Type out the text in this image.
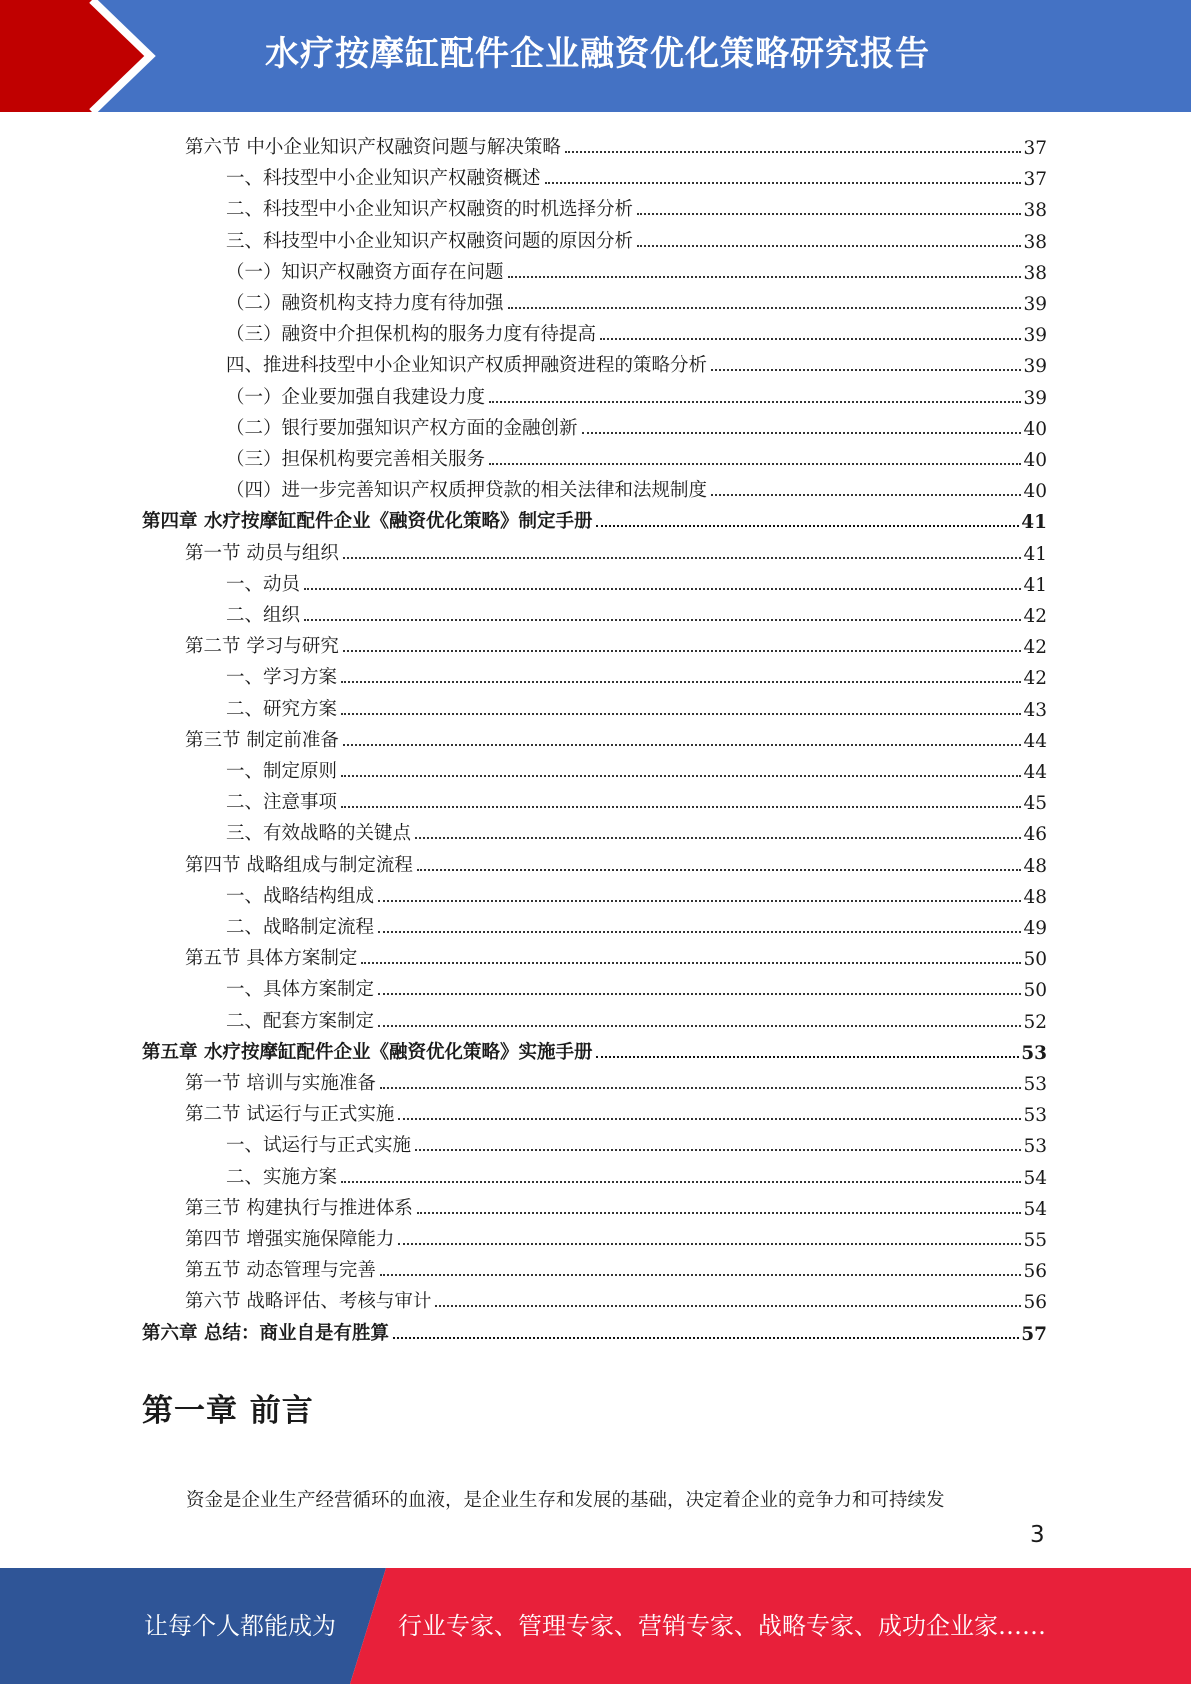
水疗按摩缸配件企业融资优化策略研究报告
第六节 中小企业知识产权融资问题与解决策略	37
一、科技型中小企业知识产权融资概述	37
二、科技型中小企业知识产权融资的时机选择分析	38
三、科技型中小企业知识产权融资问题的原因分析	38
（一）知识产权融资方面存在问题	38
（二）融资机构支持力度有待加强	39
（三）融资中介担保机构的服务力度有待提高	39
四、推进科技型中小企业知识产权质押融资进程的策略分析	39
（一）企业要加强自我建设力度	39
（二）银行要加强知识产权方面的金融创新	40
（三）担保机构要完善相关服务	40
（四）进一步完善知识产权质押贷款的相关法律和法规制度	40
第四章 水疗按摩缸配件企业《融资优化策略》制定手册	41
第一节 动员与组织	41
一、动员	41
二、组织	42
第二节 学习与研究	42
一、学习方案	42
二、研究方案	43
第三节 制定前准备	44
一、制定原则	44
二、注意事项	45
三、有效战略的关键点	46
第四节 战略组成与制定流程	48
一、战略结构组成	48
二、战略制定流程	49
第五节 具体方案制定	50
一、具体方案制定	50
二、配套方案制定	52
第五章 水疗按摩缸配件企业《融资优化策略》实施手册	53
第一节 培训与实施准备	53
第二节 试运行与正式实施	53
一、试运行与正式实施	53
二、实施方案	54
第三节 构建执行与推进体系	54
第四节 增强实施保障能力	55
第五节 动态管理与完善	56
第六节 战略评估、考核与审计	56
第六章 总结：商业自是有胜算	57
第一章 前言
资金是企业生产经营循环的血液，是企业生存和发展的基础，决定着企业的竞争力和可持续发
3
让每个人都能成为	行业专家、管理专家、营销专家、战略专家、成功企业家……
